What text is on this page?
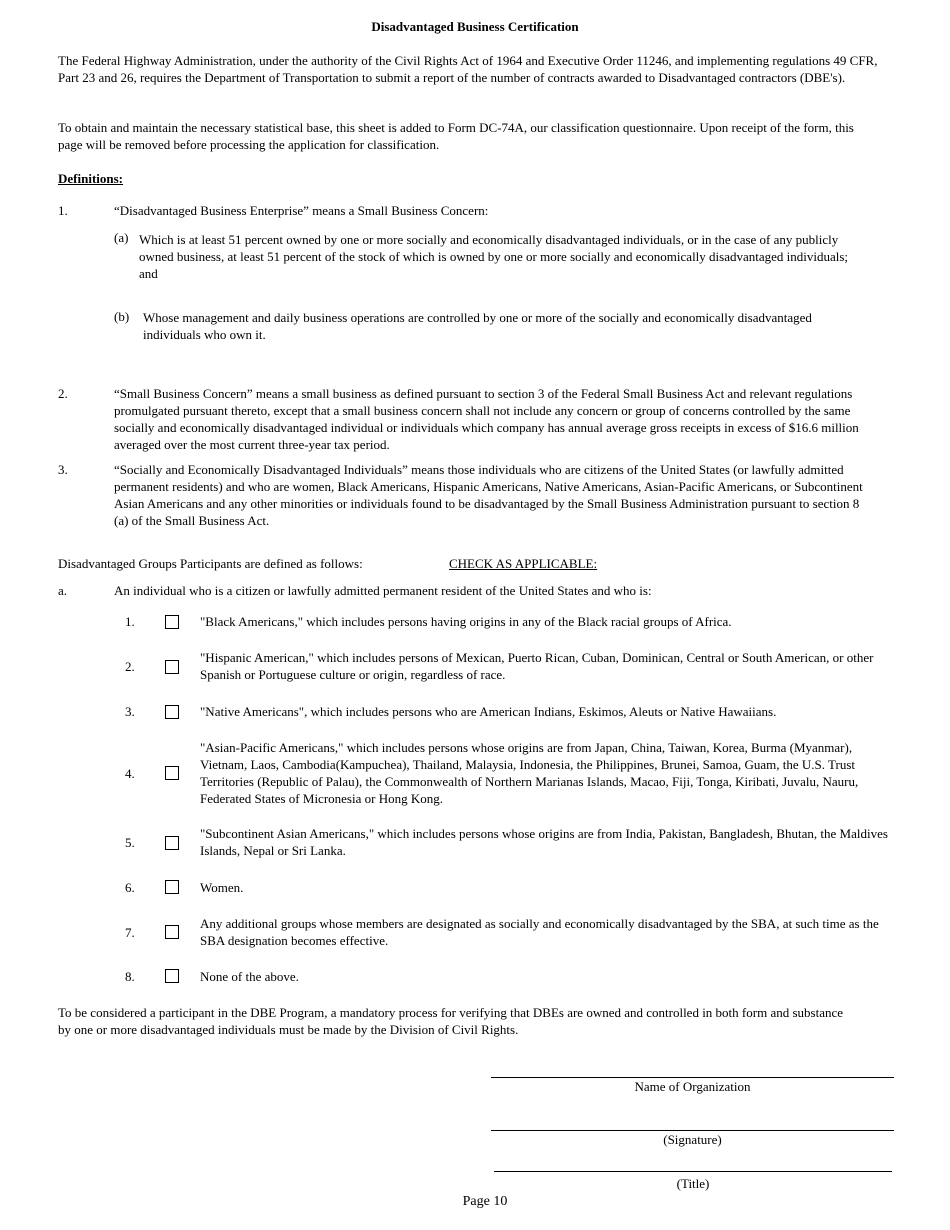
Disadvantaged Business Certification
The Federal Highway Administration, under the authority of the Civil Rights Act of 1964 and Executive Order 11246, and implementing regulations 49 CFR, Part 23 and 26, requires the Department of Transportation to submit a report of the number of contracts awarded to Disadvantaged contractors (DBE's).
To obtain and maintain the necessary statistical base, this sheet is added to Form DC-74A, our classification questionnaire. Upon receipt of the form, this page will be removed before processing the application for classification.
Definitions:
1.	“Disadvantaged Business Enterprise” means a Small Business Concern:
(a) Which is at least 51 percent owned by one or more socially and economically disadvantaged individuals, or in the case of any publicly owned business, at least 51 percent of the stock of which is owned by one or more socially and economically disadvantaged individuals; and
(b) Whose management and daily business operations are controlled by one or more of the socially and economically disadvantaged individuals who own it.
2.	“Small Business Concern” means a small business as defined pursuant to section 3 of the Federal Small Business Act and relevant regulations promulgated pursuant thereto, except that a small business concern shall not include any concern or group of concerns controlled by the same socially and economically disadvantaged individual or individuals which company has annual average gross receipts in excess of $16.6 million averaged over the most current three-year tax period.
3.	“Socially and Economically Disadvantaged Individuals” means those individuals who are citizens of the United States (or lawfully admitted permanent residents) and who are women, Black Americans, Hispanic Americans, Native Americans, Asian-Pacific Americans, or Subcontinent Asian Americans and any other minorities or individuals found to be disadvantaged by the Small Business Administration pursuant to section 8 (a) of the Small Business Act.
Disadvantaged Groups Participants are defined as follows:	CHECK AS APPLICABLE:
a.	An individual who is a citizen or lawfully admitted permanent resident of the United States and who is:
1.	"Black Americans," which includes persons having origins in any of the Black racial groups of Africa.
2.
"Hispanic American," which includes persons of Mexican, Puerto Rican, Cuban, Dominican, Central or South American, or other Spanish or Portuguese culture or origin, regardless of race.
3.	"Native Americans", which includes persons who are American Indians, Eskimos, Aleuts or Native Hawaiians.
4.
"Asian-Pacific Americans," which includes persons whose origins are from Japan, China, Taiwan, Korea, Burma (Myanmar), Vietnam, Laos, Cambodia(Kampuchea), Thailand, Malaysia, Indonesia, the Philippines, Brunei, Samoa, Guam, the U.S. Trust Territories (Republic of Palau), the Commonwealth of Northern Marianas Islands, Macao, Fiji, Tonga, Kiribati, Juvalu, Nauru, Federated States of Micronesia or Hong Kong.
5.
"Subcontinent Asian Americans," which includes persons whose origins are from India, Pakistan, Bangladesh, Bhutan, the Maldives Islands, Nepal or Sri Lanka.
6.	Women.
7.
Any additional groups whose members are designated as socially and economically disadvantaged by the SBA, at such time as the SBA designation becomes effective.
8.	None of the above.
To be considered a participant in the DBE Program, a mandatory process for verifying that DBEs are owned and controlled in both form and substance by one or more disadvantaged individuals must be made by the Division of Civil Rights.
Name of Organization
(Signature)
(Title)
Page 10
